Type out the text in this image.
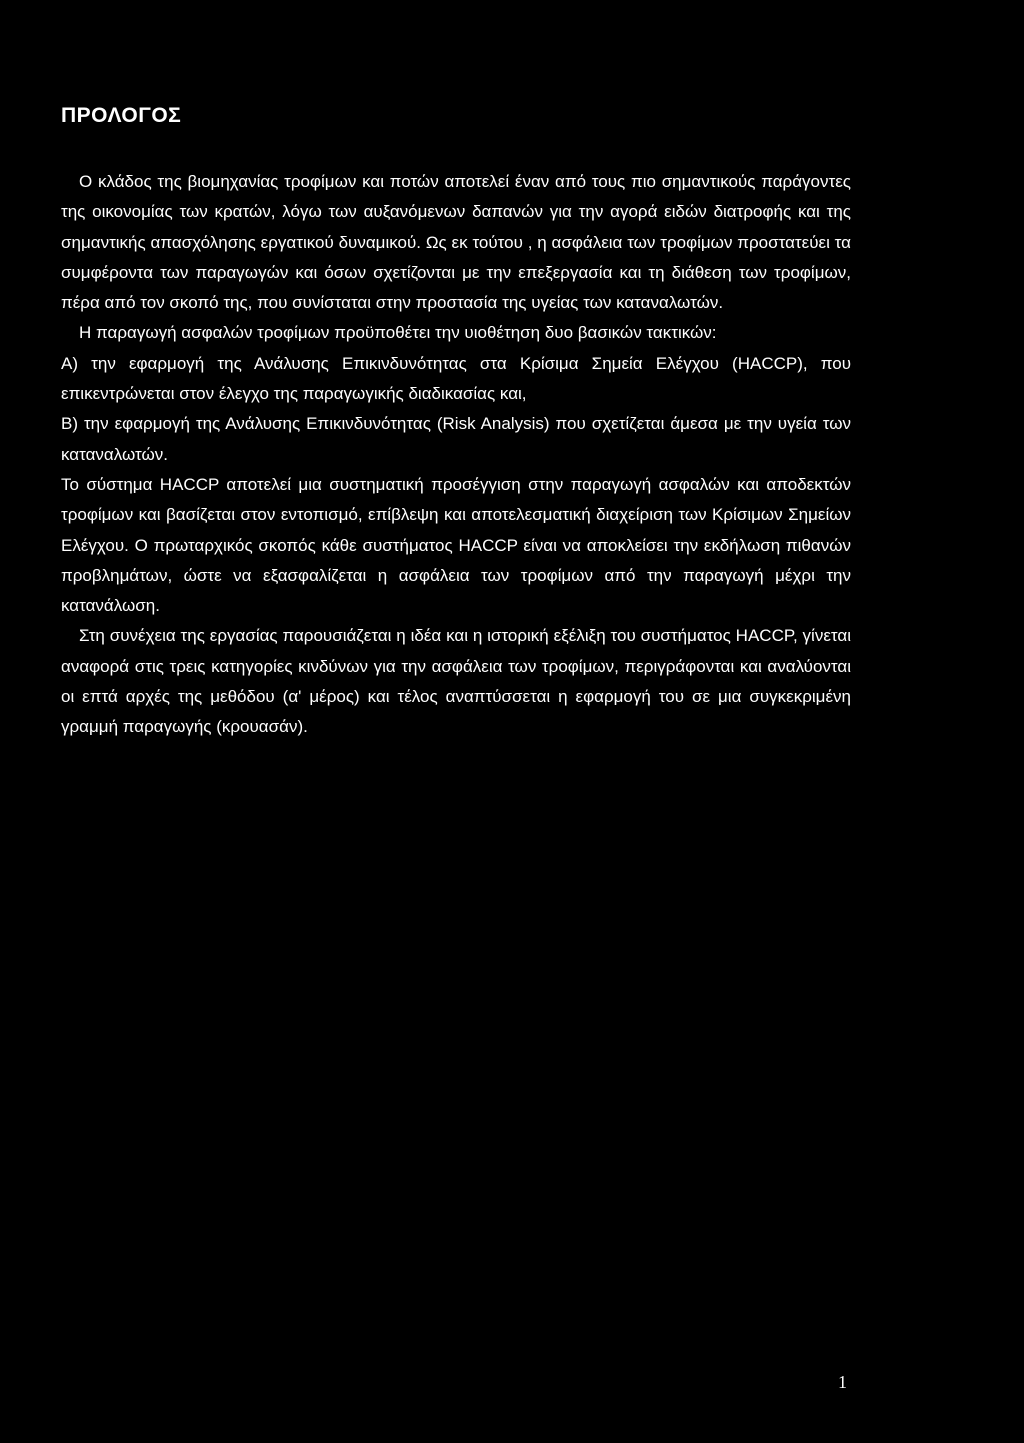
ΠΡΟΛΟΓΟΣ

Ο κλάδος της βιομηχανίας τροφίμων και ποτών αποτελεί έναν από τους πιο σημαντικούς παράγοντες της οικονομίας των κρατών, λόγω των αυξανόμενων δαπανών για την αγορά ειδών διατροφής και της σημαντικής απασχόλησης εργατικού δυναμικού. Ως εκ τούτου , η ασφάλεια των τροφίμων προστατεύει τα συμφέροντα των παραγωγών και όσων σχετίζονται με την επεξεργασία και τη διάθεση των τροφίμων, πέρα από τον σκοπό της, που συνίσταται στην προστασία της υγείας των καταναλωτών.

Η παραγωγή ασφαλών τροφίμων προϋποθέτει την υιοθέτηση δυο βασικών τακτικών:

Α) την εφαρμογή της Ανάλυσης Επικινδυνότητας στα Κρίσιμα Σημεία Ελέγχου (HACCP), που επικεντρώνεται στον έλεγχο της παραγωγικής διαδικασίας και,

Β) την εφαρμογή της Ανάλυσης Επικινδυνότητας (Risk Analysis) που σχετίζεται άμεσα με την υγεία των καταναλωτών.

Το σύστημα HACCP αποτελεί μια συστηματική προσέγγιση στην παραγωγή ασφαλών και αποδεκτών τροφίμων και βασίζεται στον εντοπισμό, επίβλεψη και αποτελεσματική διαχείριση των Κρίσιμων Σημείων Ελέγχου. Ο πρωταρχικός σκοπός κάθε συστήματος HACCP είναι να αποκλείσει την εκδήλωση πιθανών προβλημάτων, ώστε να εξασφαλίζεται η ασφάλεια των τροφίμων από την παραγωγή μέχρι την κατανάλωση.

Στη συνέχεια της εργασίας παρουσιάζεται η ιδέα και η ιστορική εξέλιξη του συστήματος HACCP, γίνεται αναφορά στις τρεις κατηγορίες κινδύνων για την ασφάλεια των τροφίμων, περιγράφονται και αναλύονται οι επτά αρχές της μεθόδου (α' μέρος) και τέλος αναπτύσσεται η εφαρμογή του σε μια συγκεκριμένη γραμμή παραγωγής (κρουασάν).

1
